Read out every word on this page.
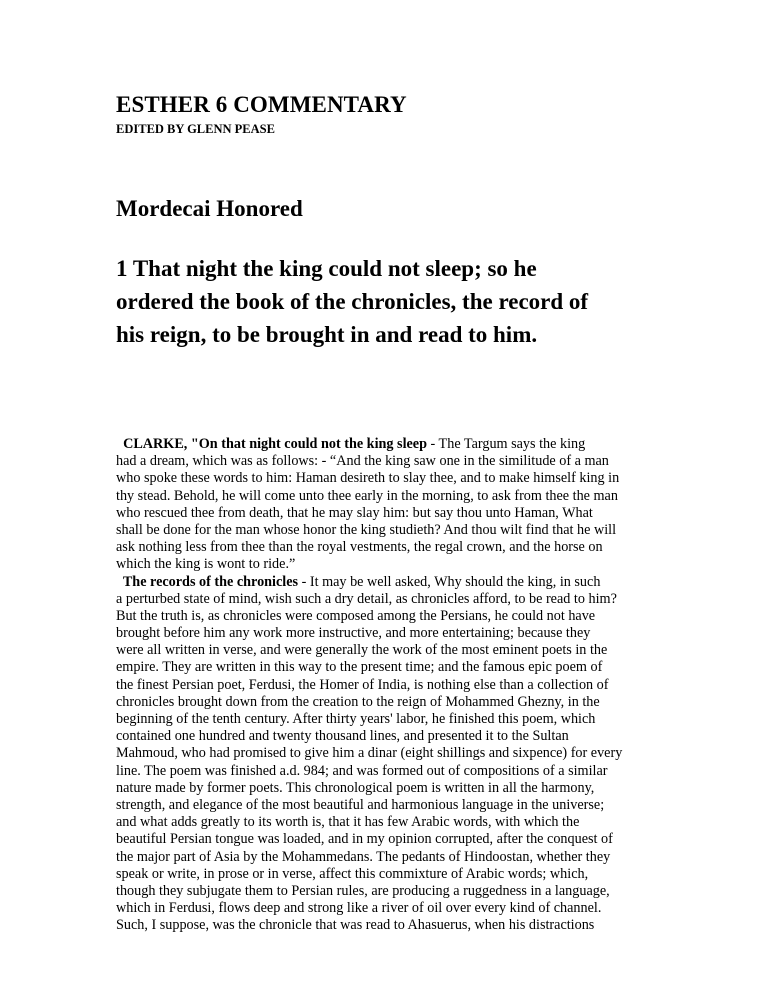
ESTHER 6 COMMENTARY
EDITED BY GLENN PEASE
Mordecai Honored
1 That night the king could not sleep; so he
ordered the book of the chronicles, the record of
his reign, to be brought in and read to him.
CLARKE, "On that night could not the king sleep - The Targum says the king
had a dream, which was as follows: - “And the king saw one in the similitude of a man
who spoke these words to him: Haman desireth to slay thee, and to make himself king in
thy stead. Behold, he will come unto thee early in the morning, to ask from thee the man
who rescued thee from death, that he may slay him: but say thou unto Haman, What
shall be done for the man whose honor the king studieth? And thou wilt find that he will
ask nothing less from thee than the royal vestments, the regal crown, and the horse on
which the king is wont to ride.”
The records of the chronicles - It may be well asked, Why should the king, in such
a perturbed state of mind, wish such a dry detail, as chronicles afford, to be read to him?
But the truth is, as chronicles were composed among the Persians, he could not have
brought before him any work more instructive, and more entertaining; because they
were all written in verse, and were generally the work of the most eminent poets in the
empire. They are written in this way to the present time; and the famous epic poem of
the finest Persian poet, Ferdusi, the Homer of India, is nothing else than a collection of
chronicles brought down from the creation to the reign of Mohammed Ghezny, in the
beginning of the tenth century. After thirty years' labor, he finished this poem, which
contained one hundred and twenty thousand lines, and presented it to the Sultan
Mahmoud, who had promised to give him a dinar (eight shillings and sixpence) for every
line. The poem was finished a.d. 984; and was formed out of compositions of a similar
nature made by former poets. This chronological poem is written in all the harmony,
strength, and elegance of the most beautiful and harmonious language in the universe;
and what adds greatly to its worth is, that it has few Arabic words, with which the
beautiful Persian tongue was loaded, and in my opinion corrupted, after the conquest of
the major part of Asia by the Mohammedans. The pedants of Hindoostan, whether they
speak or write, in prose or in verse, affect this commixture of Arabic words; which,
though they subjugate them to Persian rules, are producing a ruggedness in a language,
which in Ferdusi, flows deep and strong like a river of oil over every kind of channel.
Such, I suppose, was the chronicle that was read to Ahasuerus, when his distractions
